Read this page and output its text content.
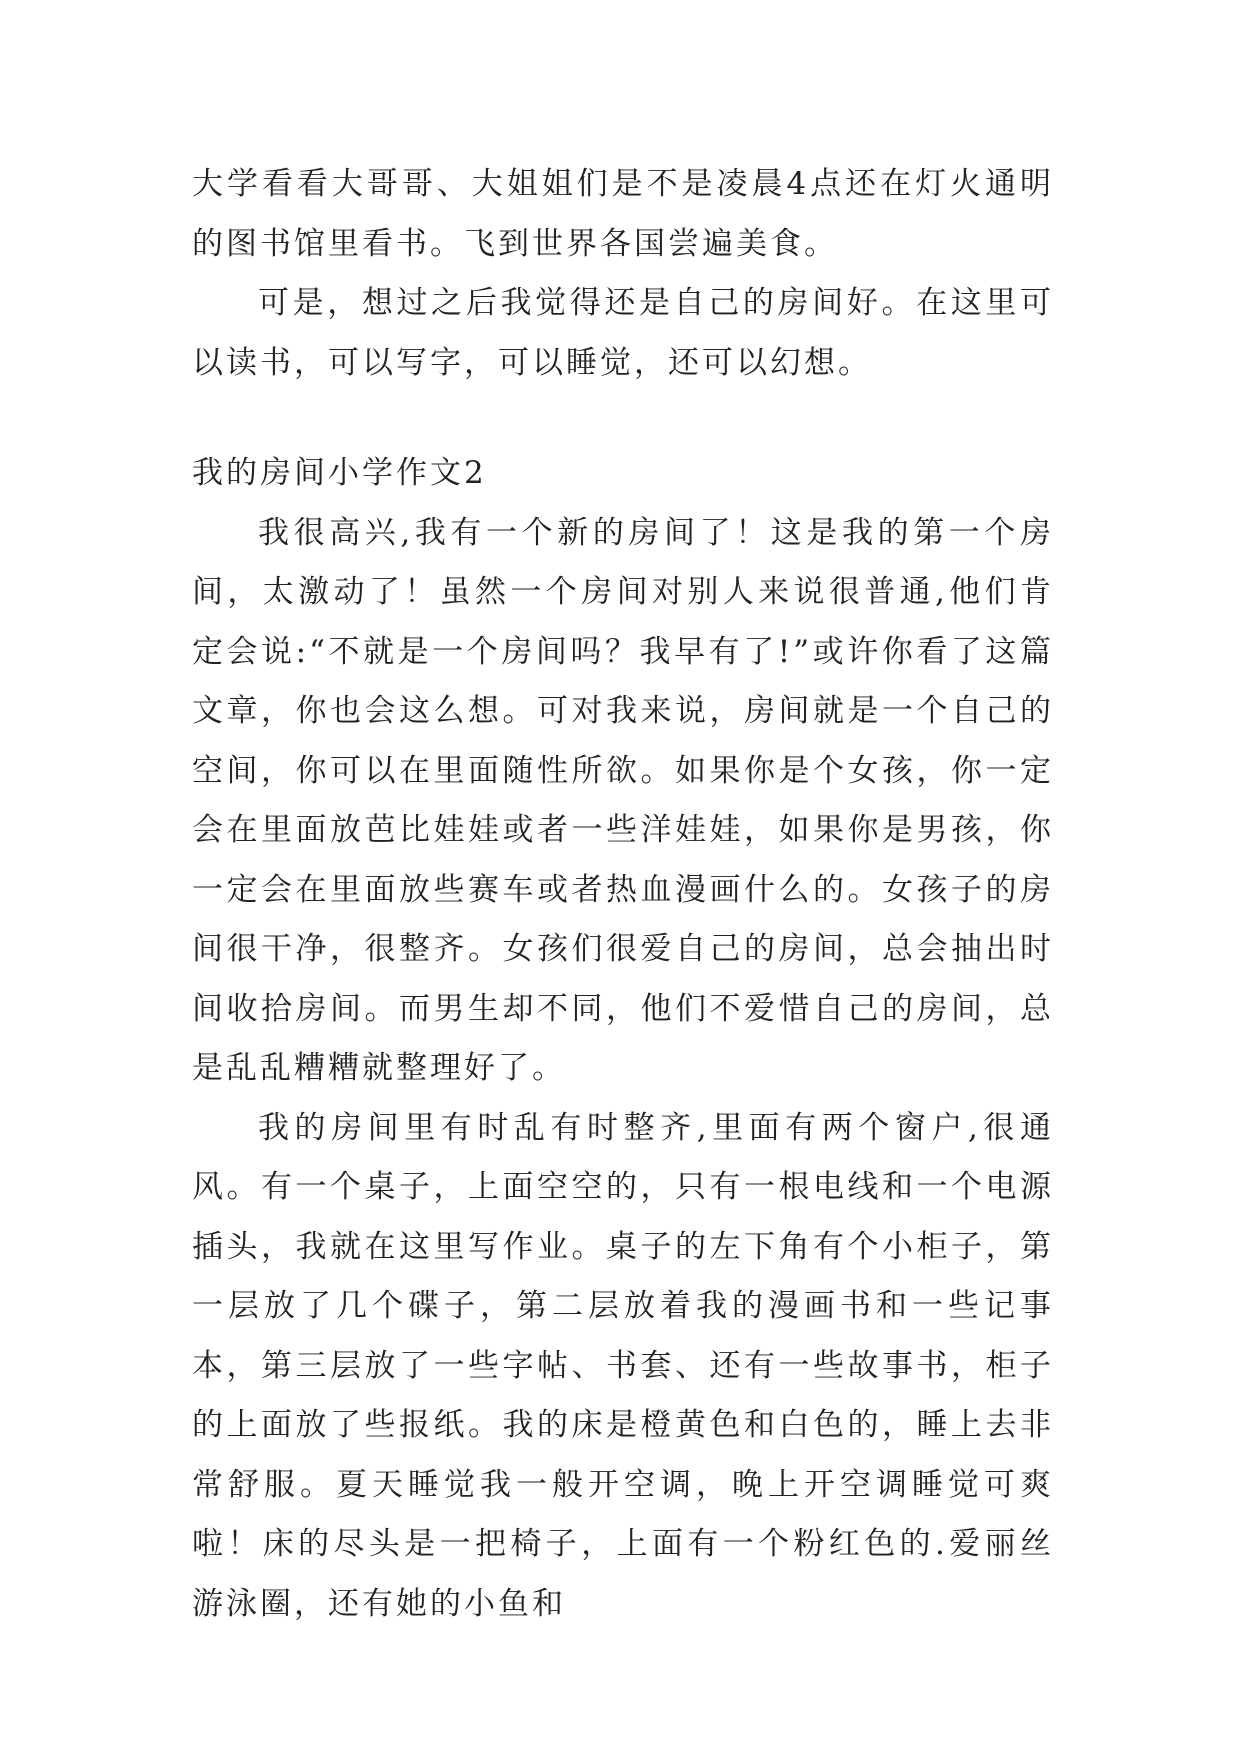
大学看看大哥哥、大姐姐们是不是凌晨4点还在灯火通明的图书馆里看书。飞到世界各国尝遍美食。

可是，想过之后我觉得还是自己的房间好。在这里可以读书，可以写字，可以睡觉，还可以幻想。

我的房间小学作文2

我很高兴,我有一个新的房间了！这是我的第一个房间，太激动了！虽然一个房间对别人来说很普通,他们肯定会说:“不就是一个房间吗？我早有了!”或许你看了这篇文章，你也会这么想。可对我来说，房间就是一个自己的空间，你可以在里面随性所欲。如果你是个女孩，你一定会在里面放芭比娃娃或者一些洋娃娃，如果你是男孩，你一定会在里面放些赛车或者热血漫画什么的。女孩子的房间很干净，很整齐。女孩们很爱自己的房间，总会抽出时间收拾房间。而男生却不同，他们不爱惜自己的房间，总是乱乱糟糟就整理好了。

我的房间里有时乱有时整齐,里面有两个窗户,很通风。有一个桌子，上面空空的，只有一根电线和一个电源插头，我就在这里写作业。桌子的左下角有个小柜子，第一层放了几个碟子，第二层放着我的漫画书和一些记事本，第三层放了一些字帖、书套、还有一些故事书，柜子的上面放了些报纸。我的床是橙黄色和白色的，睡上去非常舒服。夏天睡觉我一般开空调，晚上开空调睡觉可爽啦！床的尽头是一把椅子，上面有一个粉红色的.爱丽丝游泳圈，还有她的小鱼和
